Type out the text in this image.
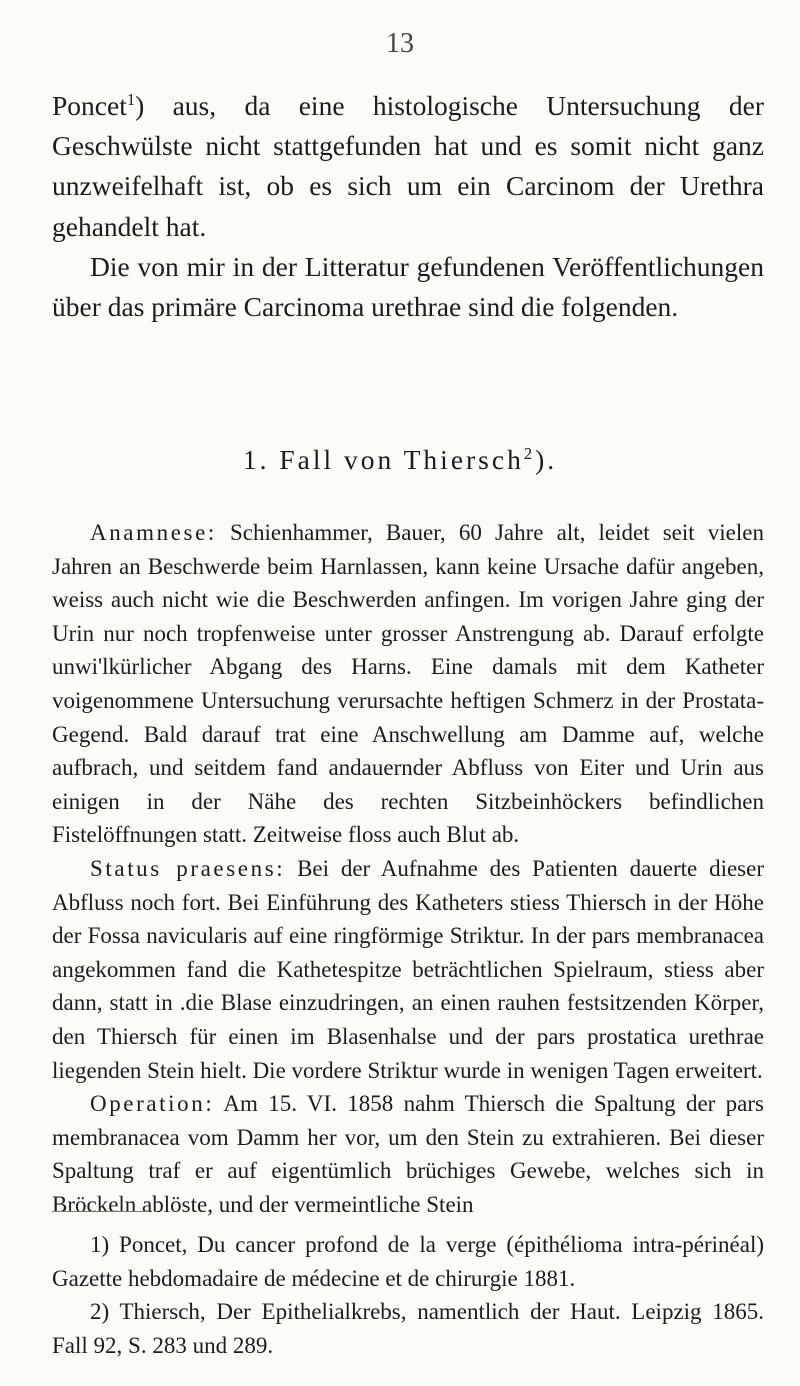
13

Poncet$^1$) aus, da eine histologische Untersuchung der Geschwülste nicht stattgefunden hat und es somit nicht ganz unzweifelhaft ist, ob es sich um ein Carcinom der Urethra gehandelt hat.

Die von mir in der Litteratur gefundenen Veröffentlichungen über das primäre Carcinoma urethrae sind die folgenden.

1. Fall von Thiersch$^2$).

Anamnese: Schienhammer, Bauer, 60 Jahre alt, leidet seit vielen Jahren an Beschwerde beim Harnlassen, kann keine Ursache dafür angeben, weiss auch nicht wie die Beschwerden anfingen. Im vorigen Jahre ging der Urin nur noch tropfenweise unter grosser Anstrengung ab. Darauf erfolgte unwi'lkürlicher Abgang des Harns. Eine damals mit dem Katheter voigenommene Untersuchung verursachte heftigen Schmerz in der Prostata-Gegend. Bald darauf trat eine Anschwellung am Damme auf, welche aufbrach, und seitdem fand andauernder Abfluss von Eiter und Urin aus einigen in der Nähe des rechten Sitzbeinhöckers befindlichen Fistelöffnungen statt. Zeitweise floss auch Blut ab.

Status praesens: Bei der Aufnahme des Patienten dauerte dieser Abfluss noch fort. Bei Einführung des Katheters stiess Thiersch in der Höhe der Fossa navicularis auf eine ringförmige Striktur. In der pars membranacea angekommen fand die Kathetespitze beträchtlichen Spielraum, stiess aber dann, statt in .die Blase einzudringen, an einen rauhen festsitzenden Körper, den Thiersch für einen im Blasenhalse und der pars prostatica urethrae liegenden Stein hielt. Die vordere Striktur wurde in wenigen Tagen erweitert.

Operation: Am 15. VI. 1858 nahm Thiersch die Spaltung der pars membranacea vom Damm her vor, um den Stein zu extrahieren. Bei dieser Spaltung traf er auf eigentümlich brüchiges Gewebe, welches sich in Bröckeln ablöste, und der vermeintliche Stein

1) Poncet, Du cancer profond de la verge (épithélioma intra-périnéal) Gazette hebdomadaire de médecine et de chirurgie 1881.

2) Thiersch, Der Epithelialkrebs, namentlich der Haut. Leipzig 1865. Fall 92, S. 283 und 289.
